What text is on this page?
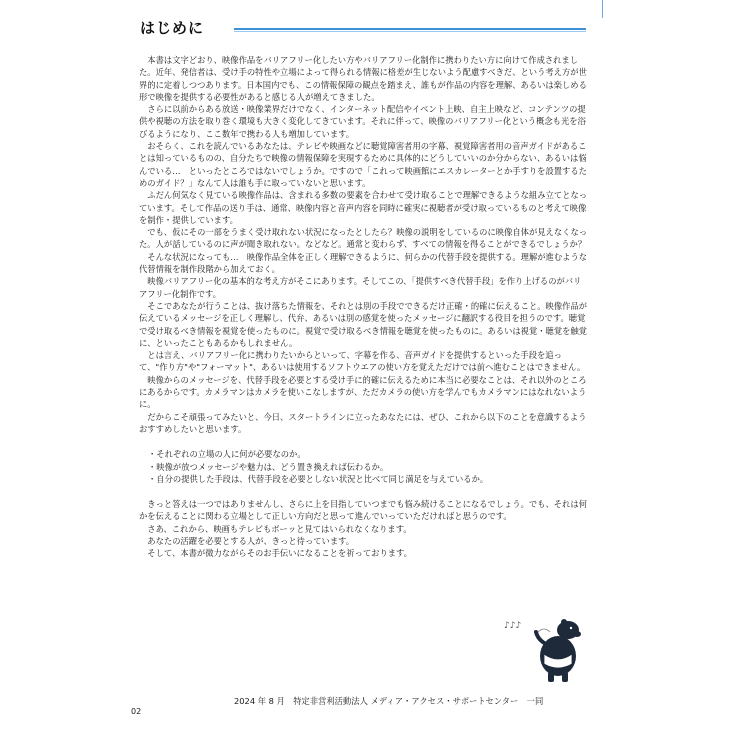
はじめに

本書は文字どおり、映像作品をバリアフリー化したい方やバリアフリー化制作に携わりたい方に向けて作成されました。近年、発信者は、受け手の特性や立場によって得られる情報に格差が生じないよう配慮すべきだ、という考え方が世界的に定着しつつあります。日本国内でも、この情報保障の観点を踏まえ、誰もが作品の内容を理解、あるいは楽しめる形で映像を提供する必要性があると感じる人が増えてきました。

さらに以前からある放送・映像業界だけでなく、インターネット配信やイベント上映、自主上映など、コンテンツの提供や視聴の方法を取り巻く環境も大きく変化してきています。それに伴って、映像のバリアフリー化という概念も光を浴びるようになり、ここ数年で携わる人も増加しています。

おそらく、これを読んでいるあなたは、テレビや映画などに聴覚障害者用の字幕、視覚障害者用の音声ガイドがあることは知っているものの、自分たちで映像の情報保障を実現するために具体的にどうしていいのか分からない、あるいは悩んでいる…　といったところではないでしょうか。ですので「これって映画館にエスカレーターとか手すりを設置するためのガイド？」なんて人は誰も手に取っていないと思います。

ふだん何気なく見ている映像作品は、含まれる多数の要素を合わせて受け取ることで理解できるような組み立てとなっています。そして作品の送り手は、通常、映像内容と音声内容を同時に確実に視聴者が受け取っているものと考えて映像を制作・提供しています。

でも、仮にその一部をうまく受け取れない状況になったとしたら？映像の説明をしているのに映像自体が見えなくなった。人が話しているのに声が聞き取れない。などなど。通常と変わらず、すべての情報を得ることができるでしょうか？

そんな状況になっても…　映像作品全体を正しく理解できるように、何らかの代替手段を提供する。理解が進むような代替情報を制作段階から加えておく。

映像バリアフリー化の基本的な考え方がそこにあります。そしてこの、「提供すべき代替手段」を作り上げるのがバリアフリー化制作です。

そこであなたが行うことは、抜け落ちた情報を、それとは別の手段でできるだけ正確・的確に伝えること。映像作品が伝えているメッセージを正しく理解し、代弁、あるいは別の感覚を使ったメッセージに翻訳する役目を担うのです。聴覚で受け取るべき情報を視覚を使ったものに。視覚で受け取るべき情報を聴覚を使ったものに。あるいは視覚・聴覚を触覚に、といったこともあるかもしれません。

とは言え、バリアフリー化に携わりたいからといって、字幕を作る、音声ガイドを提供するといった手段を追って、"作り方"や"フォーマット"、あるいは使用するソフトウエアの使い方を覚えただけでは前へ進むことはできません。

映像からのメッセージを、代替手段を必要とする受け手に的確に伝えるために本当に必要なことは、それ以外のところにあるからです。カメラマンはカメラを使いこなしますが、ただカメラの使い方を学んでもカメラマンにはなれないように。

だからこそ頑張ってみたいと、今日、スタートラインに立ったあなたには、ぜひ、これから以下のことを意識するようおすすめしたいと思います。

・それぞれの立場の人に何が必要なのか。
・映像が放つメッセージや魅力は、どう置き換えれば伝わるか。
・自分の提供した手段は、代替手段を必要としない状況と比べて同じ満足を与えているか。

きっと答えは一つではありませんし、さらに上を目指していつまでも悩み続けることになるでしょう。でも、それは何かを伝えることに関わる立場として正しい方向だと思って進んでいっていただければと思うのです。

さあ、これから、映画もテレビもボーッと見てはいられなくなります。

あなたの活躍を必要とする人が、きっと待っています。

そして、本書が微力ながらそのお手伝いになることを祈っております。

♪♪♪
2024 年 8 月　特定非営利活動法人 メディア・アクセス・サポートセンター　一同
02
